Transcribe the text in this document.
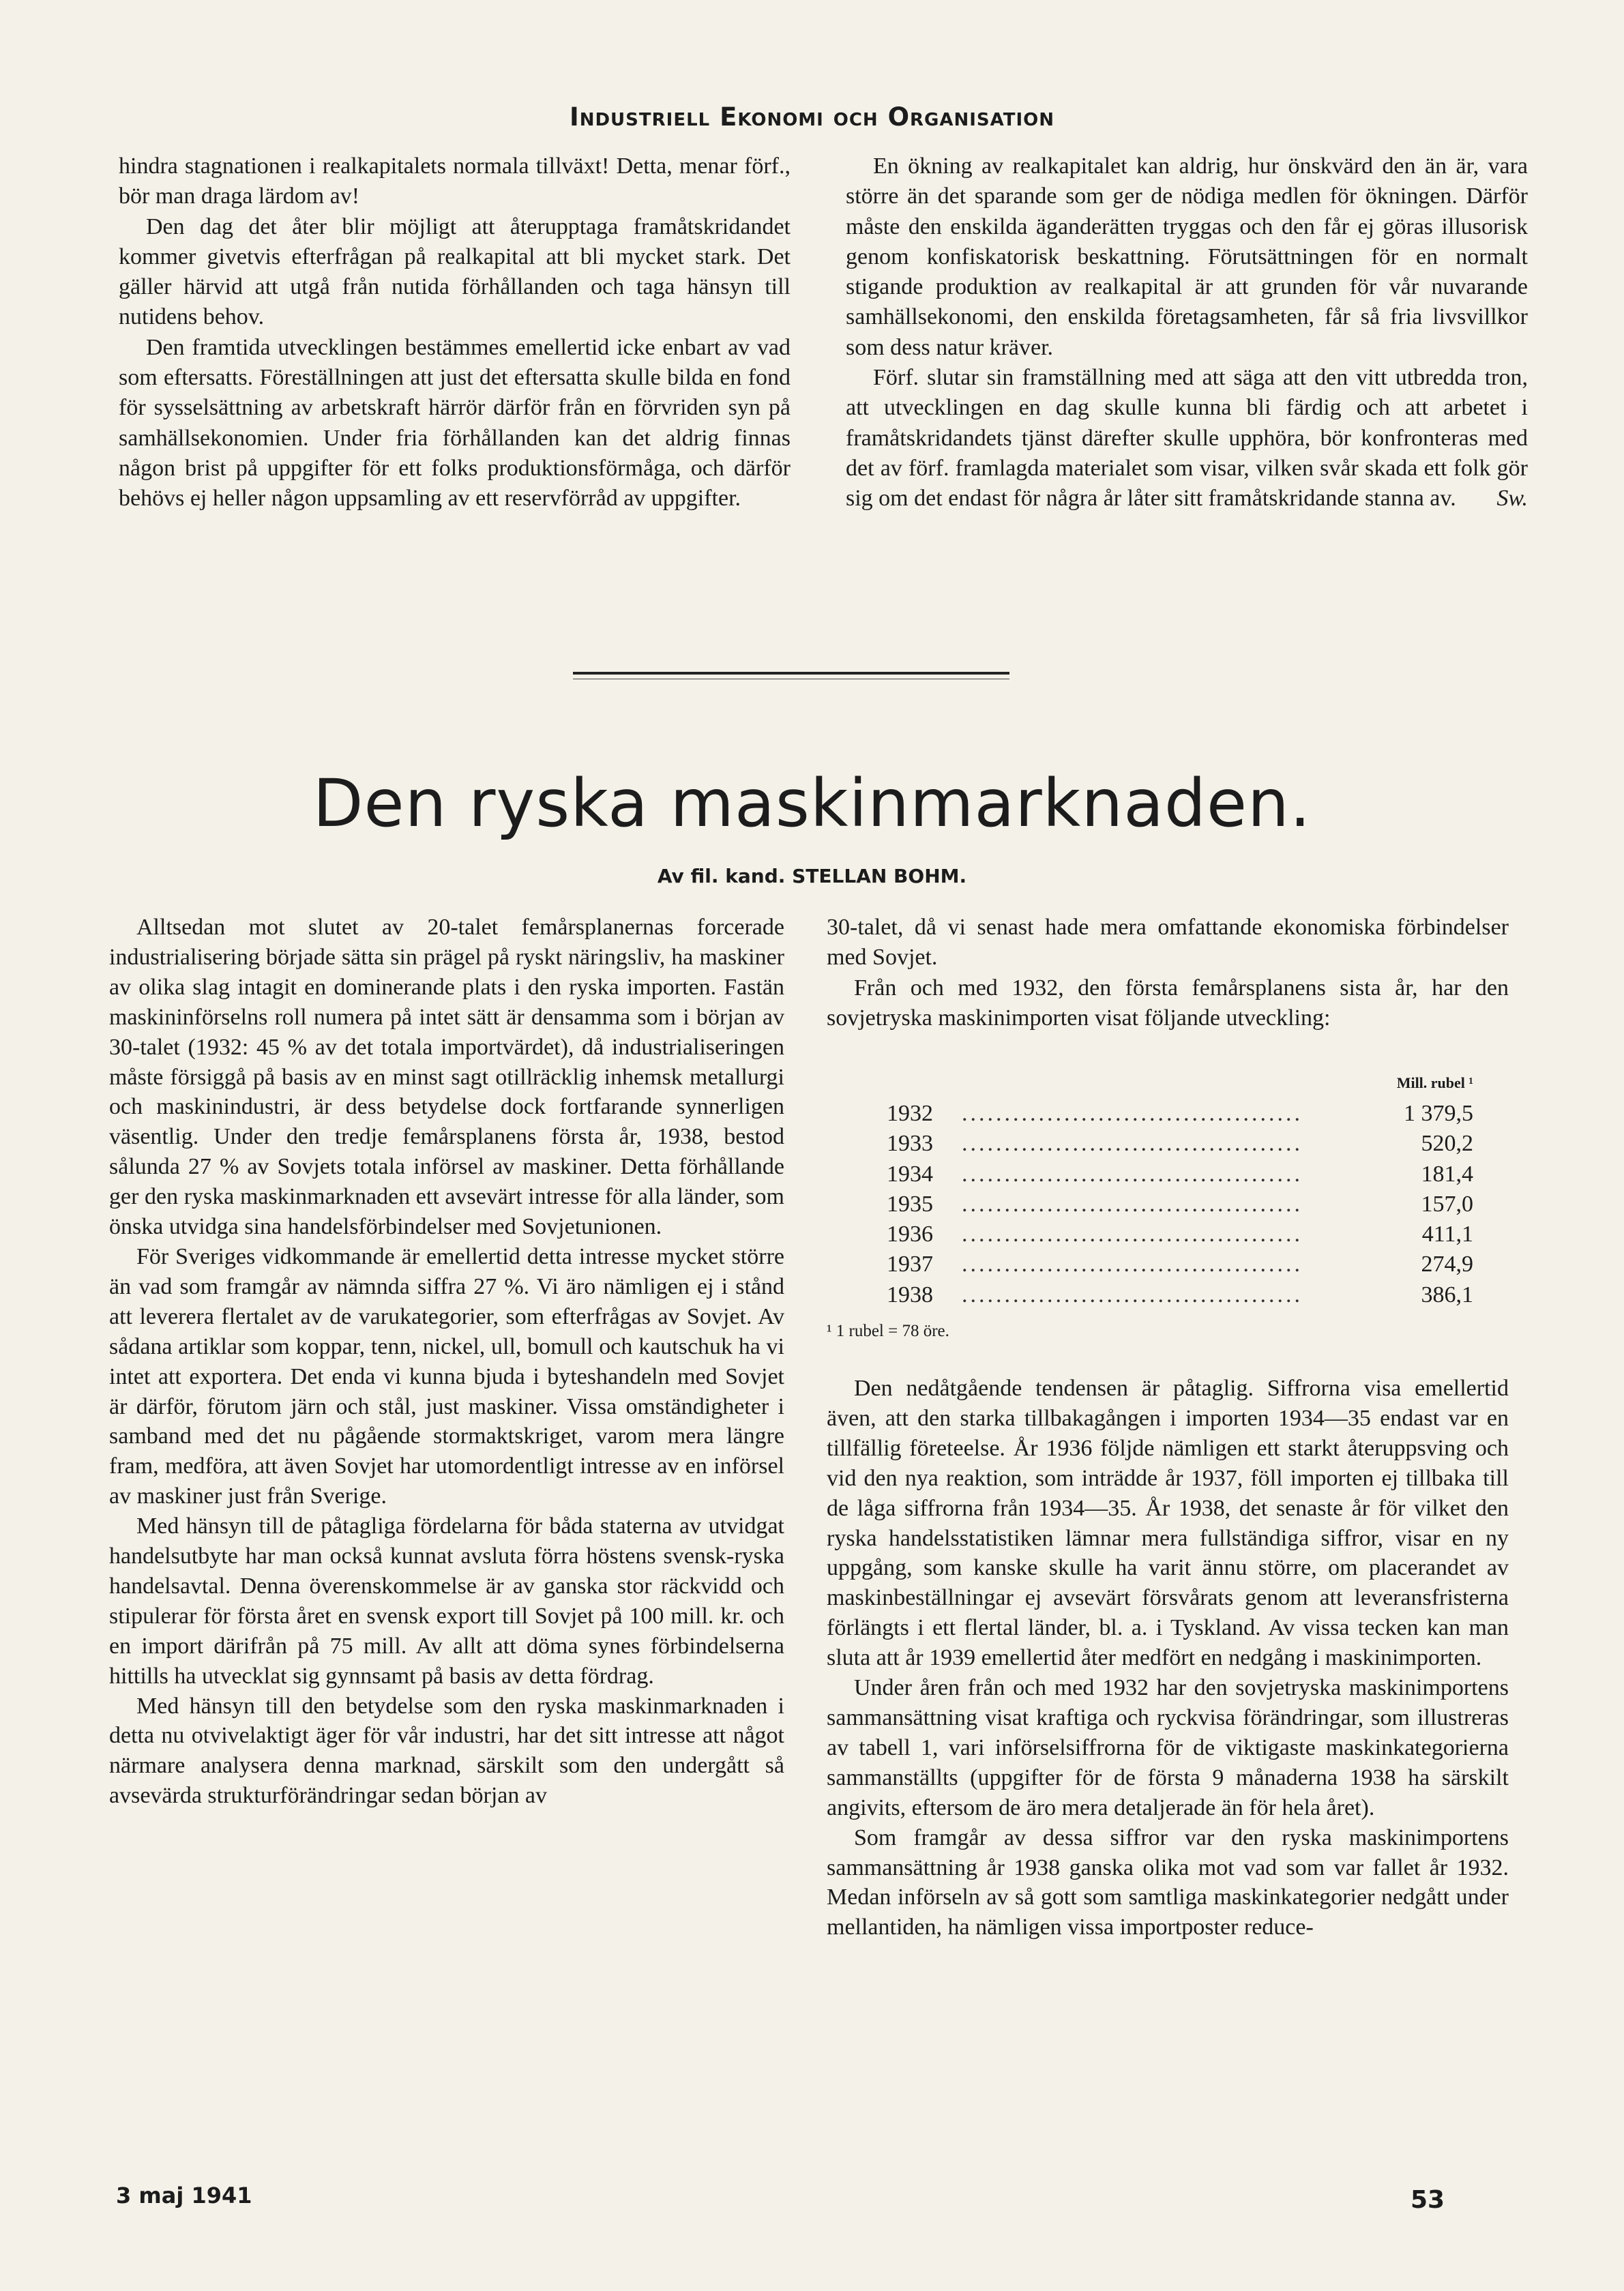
Industriell Ekonomi och Organisation

hindra stagnationen i realkapitalets normala tillväxt! Detta, menar förf., bör man draga lärdom av!

Den dag det åter blir möjligt att återupptaga framåtskridandet kommer givetvis efterfrågan på realkapital att bli mycket stark. Det gäller härvid att utgå från nutida förhållanden och taga hänsyn till nutidens behov.

Den framtida utvecklingen bestämmes emellertid icke enbart av vad som eftersatts. Föreställningen att just det eftersatta skulle bilda en fond för sysselsättning av arbetskraft härrör därför från en förvriden syn på samhällsekonomien. Under fria förhållanden kan det aldrig finnas någon brist på uppgifter för ett folks produktionsförmåga, och därför behövs ej heller någon uppsamling av ett reservförråd av uppgifter.

En ökning av realkapitalet kan aldrig, hur önskvärd den än är, vara större än det sparande som ger de nödiga medlen för ökningen. Därför måste den enskilda äganderätten tryggas och den får ej göras illusorisk genom konfiskatorisk beskattning. Förutsättningen för en normalt stigande produktion av realkapital är att grunden för vår nuvarande samhällsekonomi, den enskilda företagsamheten, får så fria livsvillkor som dess natur kräver.

Förf. slutar sin framställning med att säga att den vitt utbredda tron, att utvecklingen en dag skulle kunna bli färdig och att arbetet i framåtskridandets tjänst därefter skulle upphöra, bör konfronteras med det av förf. framlagda materialet som visar, vilken svår skada ett folk gör sig om det endast för några år låter sitt framåtskridande stanna av.	Sw.

Den ryska maskinmarknaden.
Av fil. kand. STELLAN BOHM.

Alltsedan mot slutet av 20-talet femårsplanernas forcerade industrialisering började sätta sin prägel på ryskt näringsliv, ha maskiner av olika slag intagit en dominerande plats i den ryska importen. Fastän maskininförselns roll numera på intet sätt är densamma som i början av 30-talet (1932: 45 % av det totala importvärdet), då industrialiseringen måste försiggå på basis av en minst sagt otillräcklig inhemsk metallurgi och maskinindustri, är dess betydelse dock fortfarande synnerligen väsentlig. Under den tredje femårsplanens första år, 1938, bestod sålunda 27 % av Sovjets totala införsel av maskiner. Detta förhållande ger den ryska maskinmarknaden ett avsevärt intresse för alla länder, som önska utvidga sina handelsförbindelser med Sovjetunionen.

För Sveriges vidkommande är emellertid detta intresse mycket större än vad som framgår av nämnda siffra 27 %. Vi äro nämligen ej i stånd att leverera flertalet av de varukategorier, som efterfrågas av Sovjet. Av sådana artiklar som koppar, tenn, nickel, ull, bomull och kautschuk ha vi intet att exportera. Det enda vi kunna bjuda i byteshandeln med Sovjet är därför, förutom järn och stål, just maskiner. Vissa omständigheter i samband med det nu pågående stormaktskriget, varom mera längre fram, medföra, att även Sovjet har utomordentligt intresse av en införsel av maskiner just från Sverige.

Med hänsyn till de påtagliga fördelarna för båda staterna av utvidgat handelsutbyte har man också kunnat avsluta förra höstens svensk-ryska handelsavtal. Denna överenskommelse är av ganska stor räckvidd och stipulerar för första året en svensk export till Sovjet på 100 mill. kr. och en import därifrån på 75 mill. Av allt att döma synes förbindelserna hittills ha utvecklat sig gynnsamt på basis av detta fördrag.

Med hänsyn till den betydelse som den ryska maskinmarknaden i detta nu otvivelaktigt äger för vår industri, har det sitt intresse att något närmare analysera denna marknad, särskilt som den undergått så avsevärda strukturförändringar sedan början av

30-talet, då vi senast hade mera omfattande ekonomiska förbindelser med Sovjet.

Från och med 1932, den första femårsplanens sista år, har den sovjetryska maskinimporten visat följande utveckling:

Mill. rubel ¹
1932	........................................	1 379,5
1933	........................................	520,2
1934	........................................	181,4
1935	........................................	157,0
1936	........................................	411,1
1937	........................................	274,9
1938	........................................	386,1
¹ 1 rubel = 78 öre.

Den nedåtgående tendensen är påtaglig. Siffrorna visa emellertid även, att den starka tillbakagången i importen 1934—35 endast var en tillfällig företeelse. År 1936 följde nämligen ett starkt återuppsving och vid den nya reaktion, som inträdde år 1937, föll importen ej tillbaka till de låga siffrorna från 1934—35. År 1938, det senaste år för vilket den ryska handelsstatistiken lämnar mera fullständiga siffror, visar en ny uppgång, som kanske skulle ha varit ännu större, om placerandet av maskinbeställningar ej avsevärt försvårats genom att leveransfristerna förlängts i ett flertal länder, bl. a. i Tyskland. Av vissa tecken kan man sluta att år 1939 emellertid åter medfört en nedgång i maskinimporten.

Under åren från och med 1932 har den sovjetryska maskinimportens sammansättning visat kraftiga och ryckvisa förändringar, som illustreras av tabell 1, vari införselsiffrorna för de viktigaste maskinkategorierna sammanställts (uppgifter för de första 9 månaderna 1938 ha särskilt angivits, eftersom de äro mera detaljerade än för hela året).

Som framgår av dessa siffror var den ryska maskinimportens sammansättning år 1938 ganska olika mot vad som var fallet år 1932. Medan införseln av så gott som samtliga maskinkategorier nedgått under mellantiden, ha nämligen vissa importposter reduce-

3 maj 1941	53
